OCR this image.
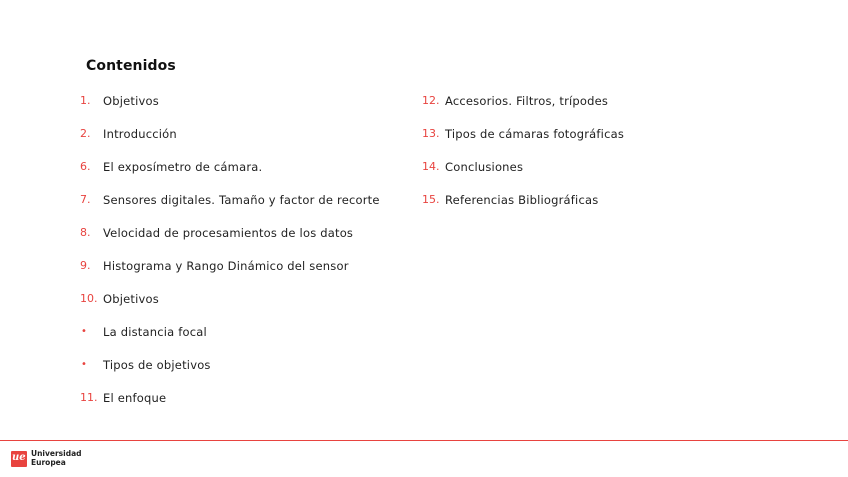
Contenidos
1.	Objetivos
2.	Introducción
6.	El exposímetro de cámara.
7.	Sensores digitales. Tamaño y factor de recorte
8.	Velocidad de procesamientos de los datos
9.	Histograma y Rango Dinámico del sensor
10. Objetivos
• La distancia focal
• Tipos de objetivos
11. El enfoque
12. Accesorios. Filtros, trípodes
13. Tipos de cámaras fotográficas
14. Conclusiones
15. Referencias Bibliográficas
ue Universidad
Europea
